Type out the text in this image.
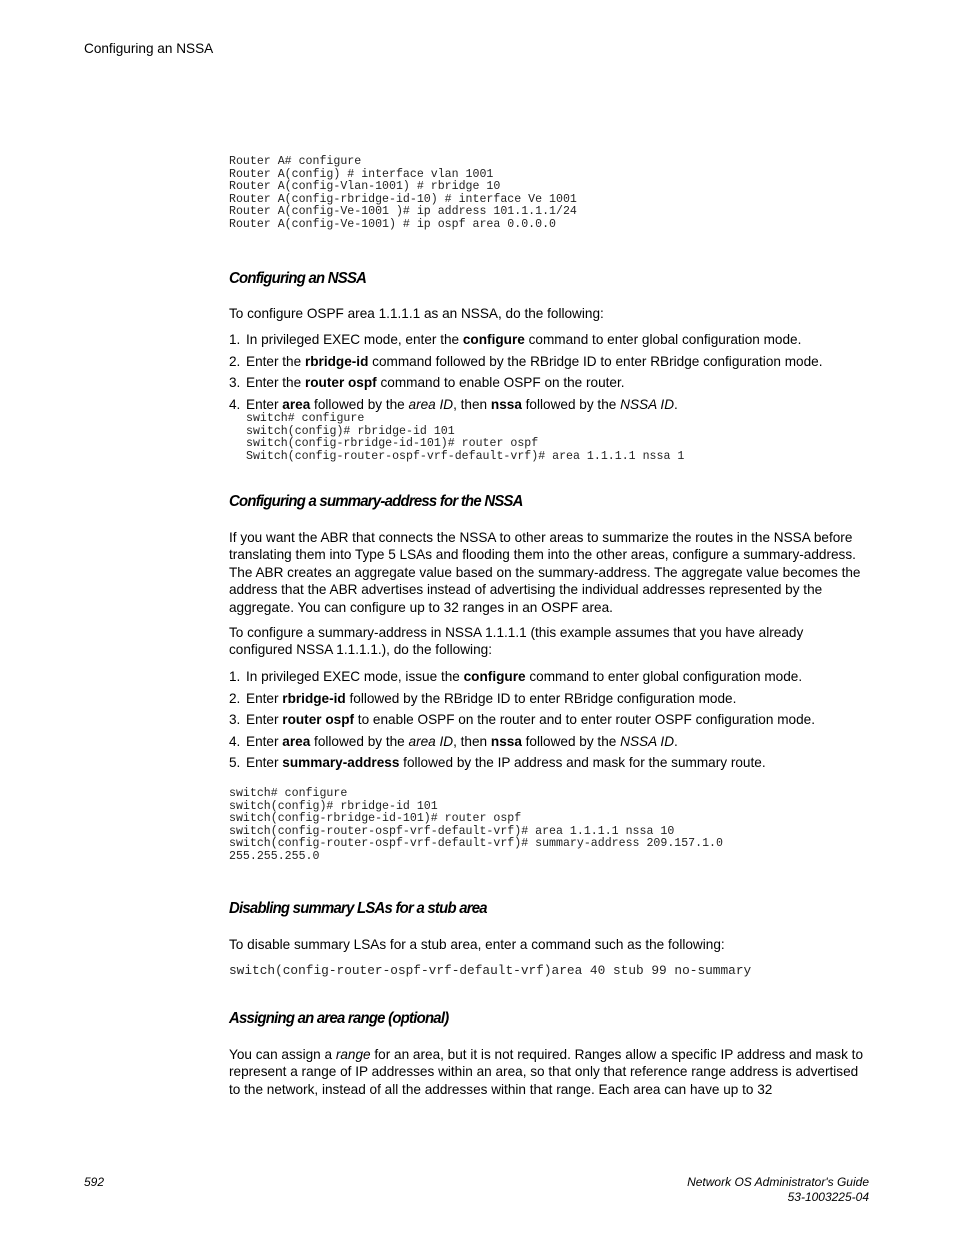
Configuring an NSSA
Router A# configure
Router A(config) # interface vlan 1001
Router A(config-Vlan-1001) # rbridge 10
Router A(config-rbridge-id-10) # interface Ve 1001
Router A(config-Ve-1001 )# ip address 101.1.1.1/24
Router A(config-Ve-1001) # ip ospf area 0.0.0.0
Configuring an NSSA

To configure OSPF area 1.1.1.1 as an NSSA, do the following:

1. In privileged EXEC mode, enter the configure command to enter global configuration mode.
2. Enter the rbridge-id command followed by the RBridge ID to enter RBridge configuration mode.
3. Enter the router ospf command to enable OSPF on the router.
4. Enter area followed by the area ID, then nssa followed by the NSSA ID.
switch# configure
switch(config)# rbridge-id 101
switch(config-rbridge-id-101)# router ospf
Switch(config-router-ospf-vrf-default-vrf)# area 1.1.1.1 nssa 1
Configuring a summary-address for the NSSA

If you want the ABR that connects the NSSA to other areas to summarize the routes in the NSSA before translating them into Type 5 LSAs and flooding them into the other areas, configure a summary-address. The ABR creates an aggregate value based on the summary-address. The aggregate value becomes the address that the ABR advertises instead of advertising the individual addresses represented by the aggregate. You can configure up to 32 ranges in an OSPF area.

To configure a summary-address in NSSA 1.1.1.1 (this example assumes that you have already configured NSSA 1.1.1.1.), do the following:

1. In privileged EXEC mode, issue the configure command to enter global configuration mode.
2. Enter rbridge-id followed by the RBridge ID to enter RBridge configuration mode.
3. Enter router ospf to enable OSPF on the router and to enter router OSPF configuration mode.
4. Enter area followed by the area ID, then nssa followed by the NSSA ID.
5. Enter summary-address followed by the IP address and mask for the summary route.
switch# configure
switch(config)# rbridge-id 101
switch(config-rbridge-id-101)# router ospf
switch(config-router-ospf-vrf-default-vrf)# area 1.1.1.1 nssa 10
switch(config-router-ospf-vrf-default-vrf)# summary-address 209.157.1.0
255.255.255.0
Disabling summary LSAs for a stub area

To disable summary LSAs for a stub area, enter a command such as the following:

switch(config-router-ospf-vrf-default-vrf)area 40 stub 99 no-summary
Assigning an area range (optional)

You can assign a range for an area, but it is not required. Ranges allow a specific IP address and mask to represent a range of IP addresses within an area, so that only that reference range address is advertised to the network, instead of all the addresses within that range. Each area can have up to 32

592	Network OS Administrator's Guide
53-1003225-04
